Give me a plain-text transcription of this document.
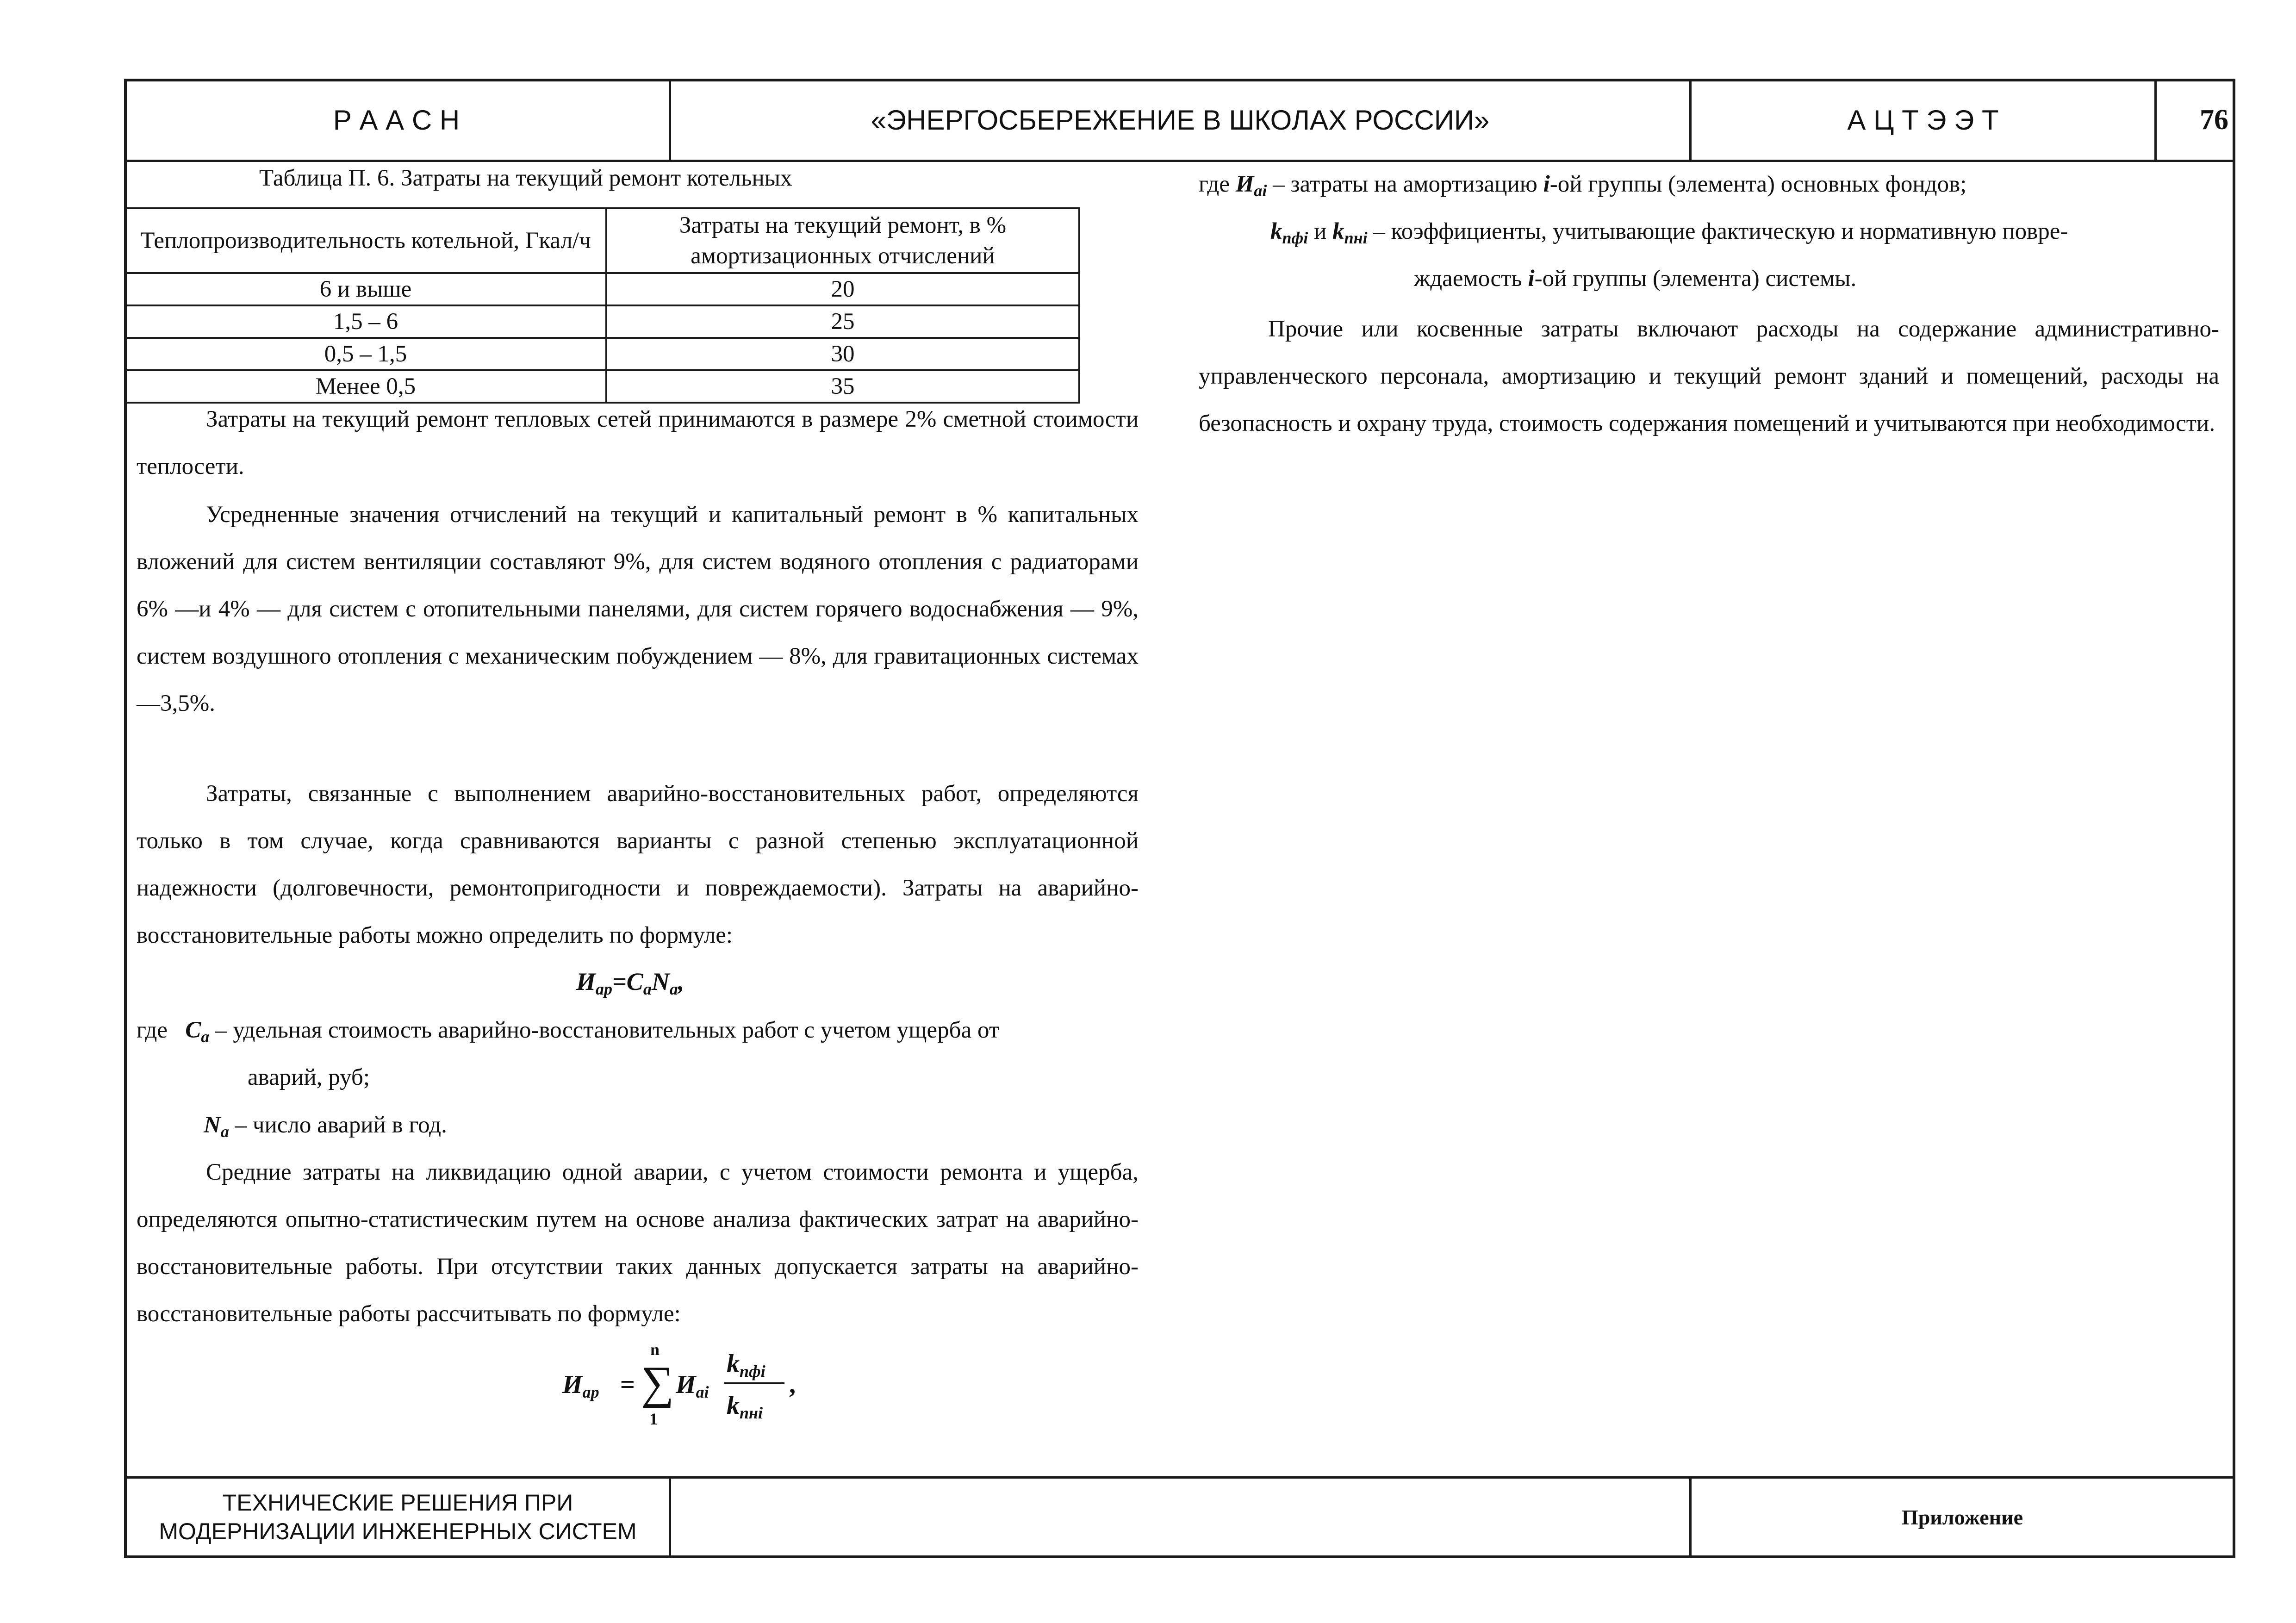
Р А А С Н	«ЭНЕРГОСБЕРЕЖЕНИЕ В ШКОЛАХ РОССИИ»	А Ц Т Э Э Т	76
Таблица П. 6. Затраты на текущий ремонт котельных
Теплопроизводительность котельной, Гкал/ч	Затраты на текущий ремонт, в % амортизационных отчислений
6 и выше	20
1,5 – 6	25
0,5 – 1,5	30
Менее 0,5	35

Затраты на текущий ремонт тепловых сетей принимаются в размере 2% сметной стоимости теплосети.

Усредненные значения отчислений на текущий и капитальный ремонт в % капитальных вложений для систем вентиляции составляют 9%, для систем водяного отопления с радиаторами 6% —и 4% — для систем с отопительными панелями, для систем горячего водоснабжения — 9%, систем воздушного отопления с механическим побуждением — 8%, для гравитационных системах —3,5%.

Затраты, связанные с выполнением аварийно-восстановительных работ, определяются только в том случае, когда сравниваются варианты с разной степенью эксплуатационной надежности (долговечности, ремонтопригодности и повреждаемости). Затраты на аварийно-восстановительные работы можно определить по формуле:

$И_{ар}=C_aN_a$,
где $C_a$ – удельная стоимость аварийно-восстановительных работ с учетом ущерба от
аварий, руб;
$N_a$ – число аварий в год.

Средние затраты на ликвидацию одной аварии, с учетом стоимости ремонта и ущерба, определяются опытно-статистическим путем на основе анализа фактических затрат на аварийно-восстановительные работы. При отсутствии таких данных допускается затраты на аварийно-восстановительные работы рассчитывать по формуле:

$И_{ар}$ =
n
∑
1
$И_{ai}$
$k_{пфi}$
$k_{пнi}$
,
где $И_{ai}$ – затраты на амортизацию i-ой группы (элемента) основных фондов;
$k_{пфi}$ и $k_{пнi}$ – коэффициенты, учитывающие фактическую и нормативную повре-
ждаемость i-ой группы (элемента) системы.

Прочие или косвенные затраты включают расходы на содержание административно-управленческого персонала, амортизацию и текущий ремонт зданий и помещений, расходы на безопасность и охрану труда, стоимость содержания помещений и учитываются при необходимости.

ТЕХНИЧЕСКИЕ РЕШЕНИЯ ПРИ МОДЕРНИЗАЦИИ ИНЖЕНЕРНЫХ СИСТЕМ
Приложение
